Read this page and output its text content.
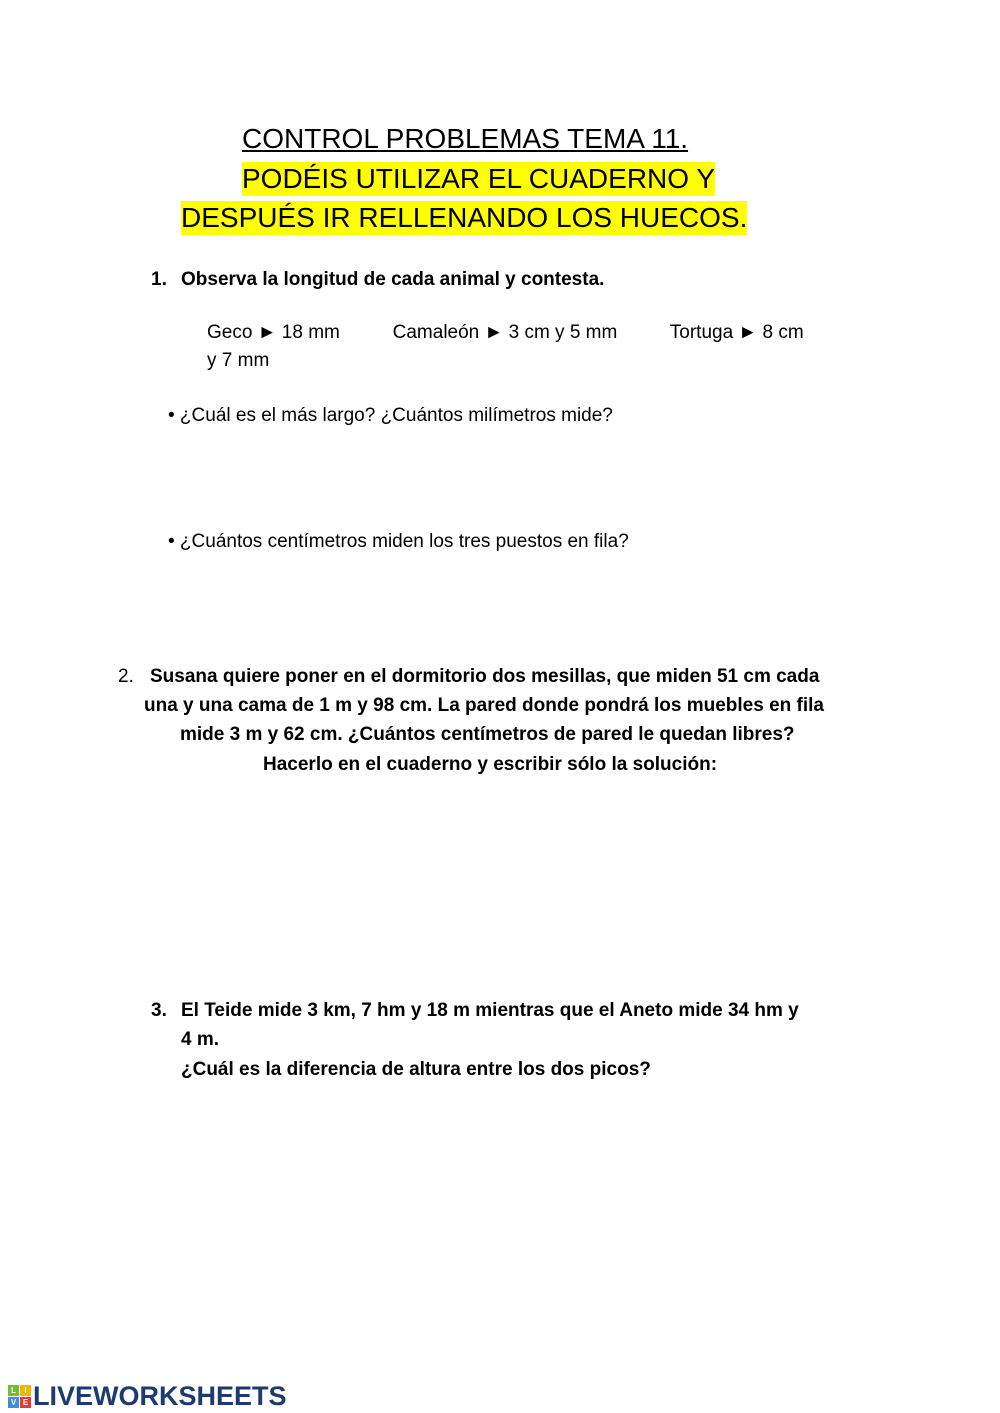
CONTROL PROBLEMAS TEMA 11.
PODÉIS UTILIZAR EL CUADERNO Y
DESPUÉS IR RELLENANDO LOS HUECOS.
1. Observa la longitud de cada animal y contesta.
Geco ► 18 mm          Camaleón ► 3 cm y 5 mm          Tortuga ► 8 cm
y 7 mm
• ¿Cuál es el más largo? ¿Cuántos milímetros mide?
• ¿Cuántos centímetros miden los tres puestos en fila?
2. Susana quiere poner en el dormitorio dos mesillas, que miden 51 cm cada
una y una cama de 1 m y 98 cm. La pared donde pondrá los muebles en fila
mide 3 m y 62 cm. ¿Cuántos centímetros de pared le quedan libres?
Hacerlo en el cuaderno y escribir sólo la solución:
3. El Teide mide 3 km, 7 hm y 18 m mientras que el Aneto mide 34 hm y
4 m.
¿Cuál es la diferencia de altura entre los dos picos?
L	I
V E LIVEWORKSHEETS
